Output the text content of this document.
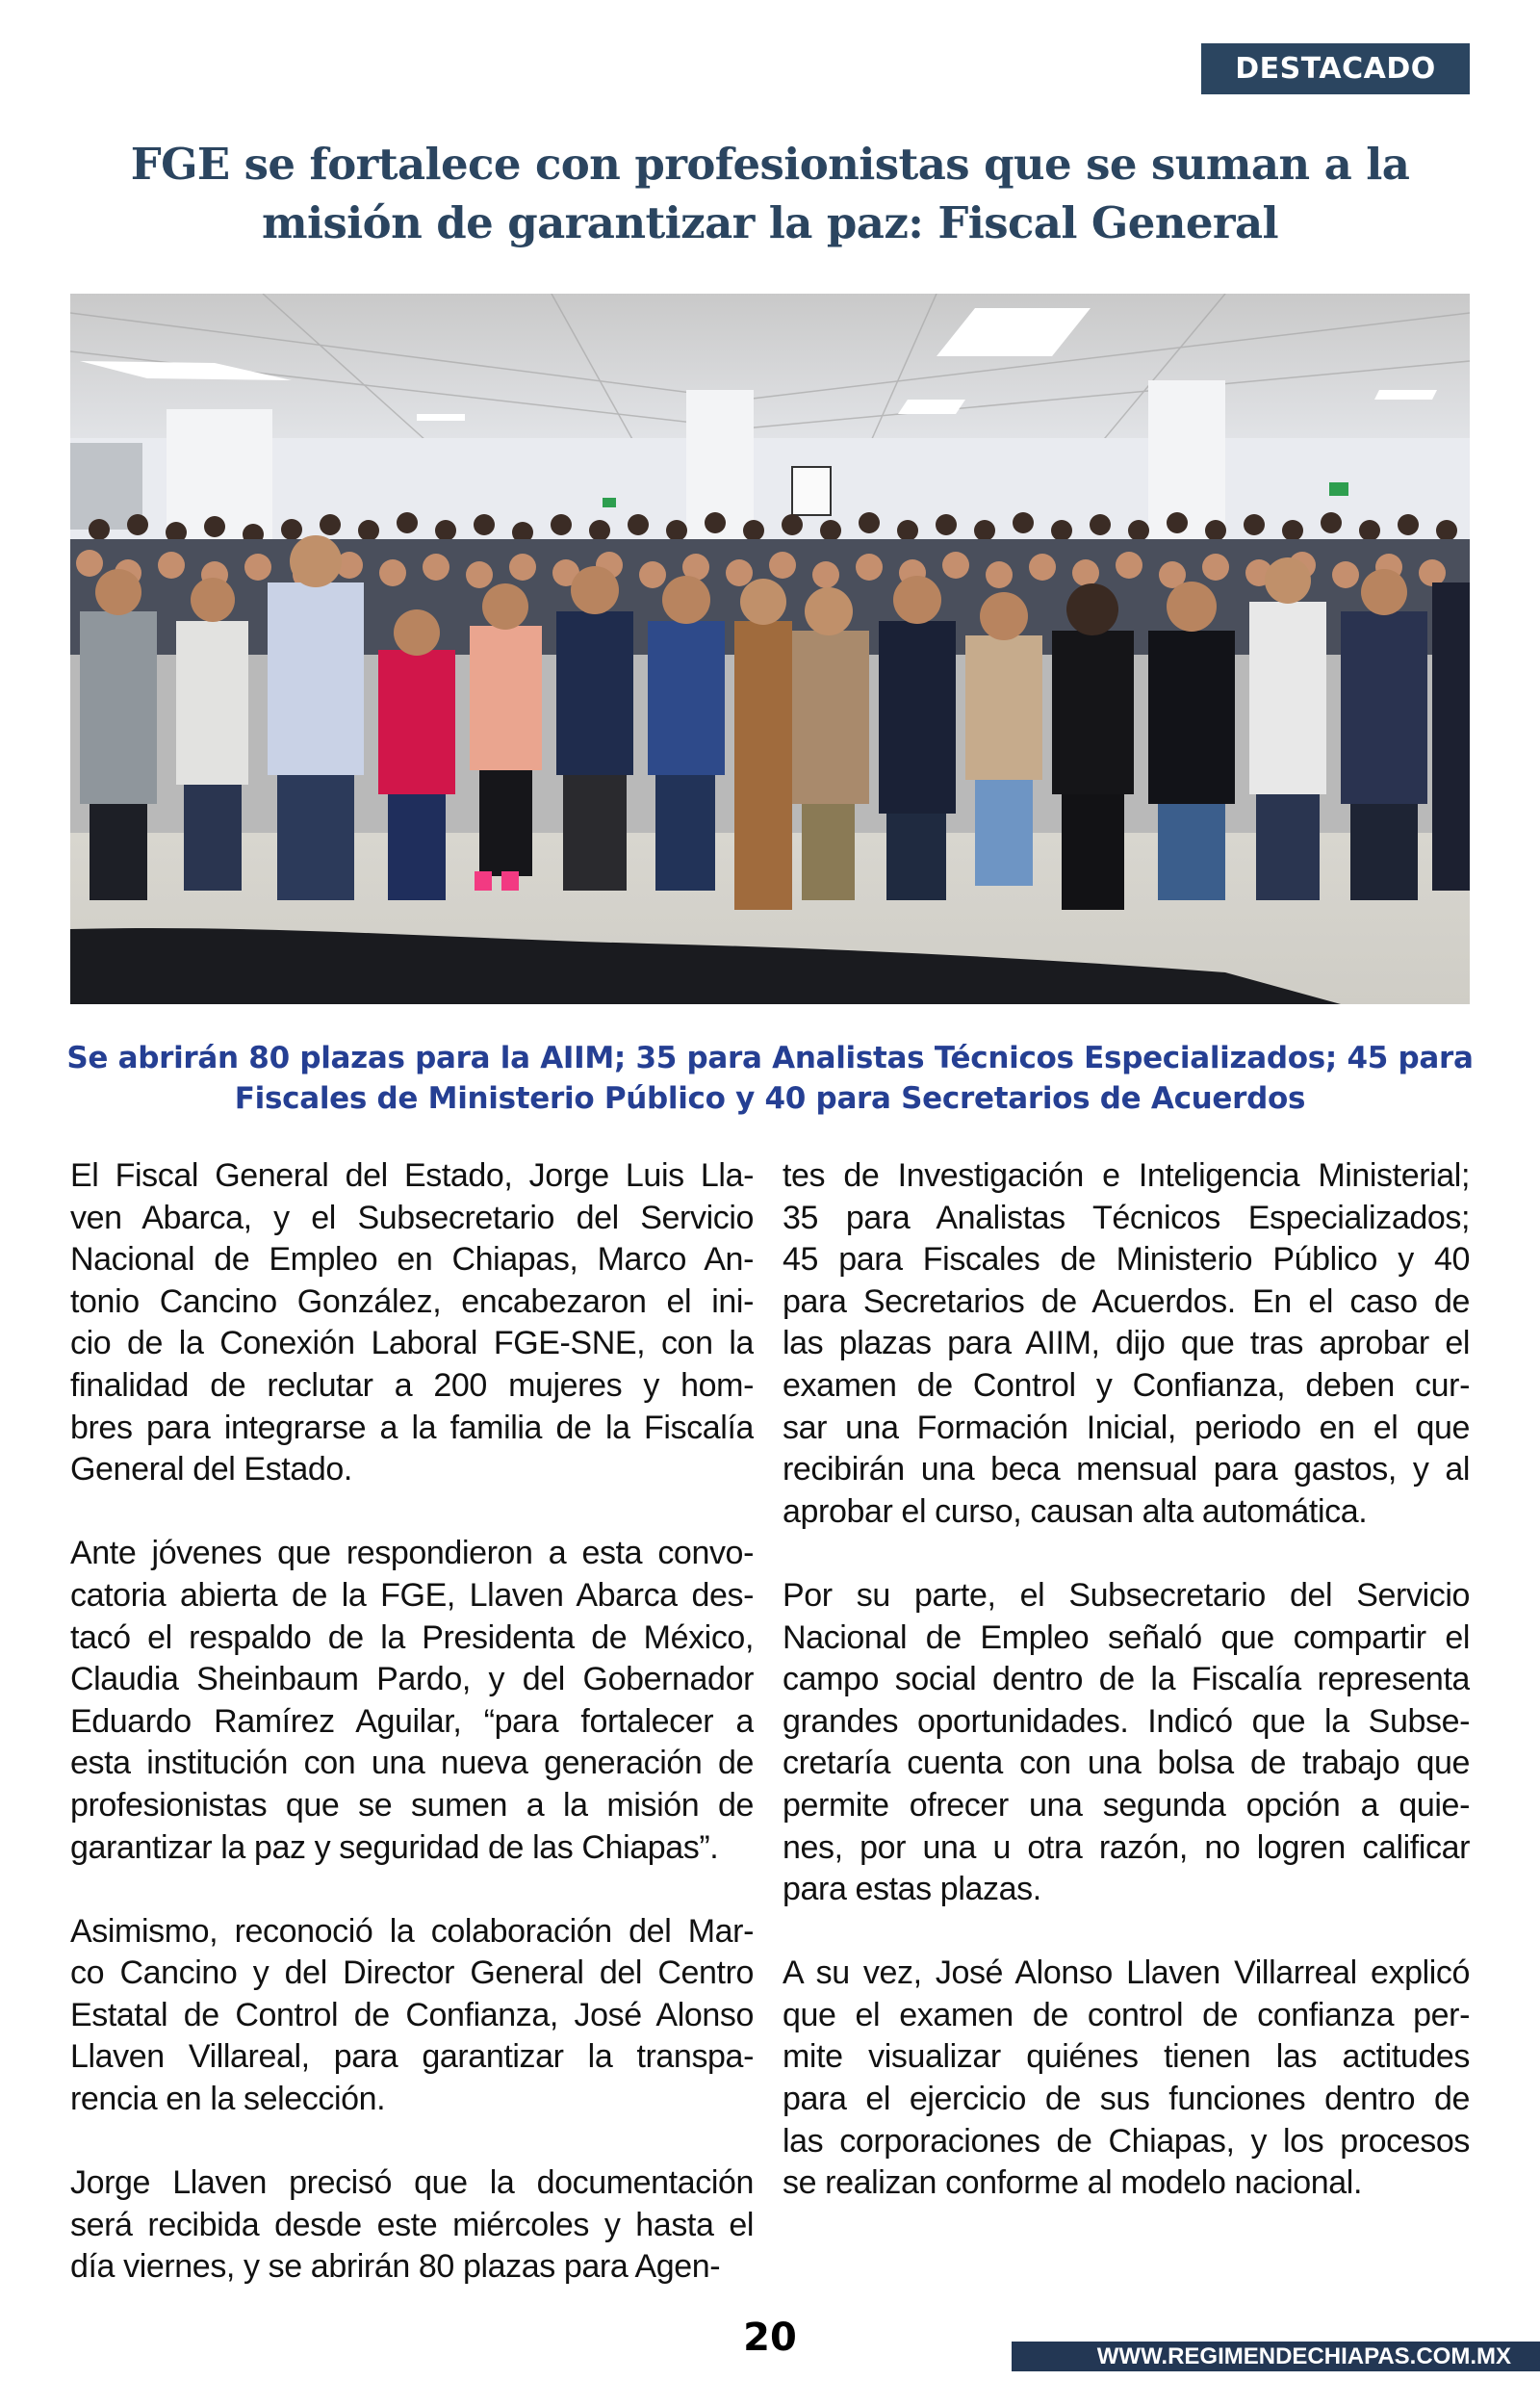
DESTACADO
FGE se fortalece con profesionistas que se suman a la misión de garantizar la paz: Fiscal General

Se abrirán 80 plazas para la AIIM; 35 para Analistas Técnicos Especializados; 45 para Fiscales de Ministerio Público y 40 para Secretarios de Acuerdos

El Fiscal General del Estado, Jorge Luis Lla-
ven Abarca, y el Subsecretario del Servicio
Nacional de Empleo en Chiapas, Marco An-
tonio Cancino González, encabezaron el ini-
cio de la Conexión Laboral FGE-SNE, con la
finalidad de reclutar a 200 mujeres y hom-
bres para integrarse a la familia de la Fiscalía
General del Estado.

Ante jóvenes que respondieron a esta convo-
catoria abierta de la FGE, Llaven Abarca des-
tacó el respaldo de la Presidenta de México,
Claudia Sheinbaum Pardo, y del Gobernador
Eduardo Ramírez Aguilar, “para fortalecer a
esta institución con una nueva generación de
profesionistas que se sumen a la misión de
garantizar la paz y seguridad de las Chiapas”.

Asimismo, reconoció la colaboración del Mar-
co Cancino y del Director General del Centro
Estatal de Control de Confianza, José Alonso
Llaven Villareal, para garantizar la transpa-
rencia en la selección.

Jorge Llaven precisó que la documentación
será recibida desde este miércoles y hasta el
día viernes, y se abrirán 80 plazas para Agen-

tes de Investigación e Inteligencia Ministerial;
35 para Analistas Técnicos Especializados;
45 para Fiscales de Ministerio Público y 40
para Secretarios de Acuerdos. En el caso de
las plazas para AIIM, dijo que tras aprobar el
examen de Control y Confianza, deben cur-
sar una Formación Inicial, periodo en el que
recibirán una beca mensual para gastos, y al
aprobar el curso, causan alta automática.

Por su parte, el Subsecretario del Servicio
Nacional de Empleo señaló que compartir el
campo social dentro de la Fiscalía representa
grandes oportunidades. Indicó que la Subse-
cretaría cuenta con una bolsa de trabajo que
permite ofrecer una segunda opción a quie-
nes, por una u otra razón, no logren calificar
para estas plazas.

A su vez, José Alonso Llaven Villarreal explicó
que el examen de control de confianza per-
mite visualizar quiénes tienen las actitudes
para el ejercicio de sus funciones dentro de
las corporaciones de Chiapas, y los procesos
se realizan conforme al modelo nacional.

20	WWW.REGIMENDECHIAPAS.COM.MX
